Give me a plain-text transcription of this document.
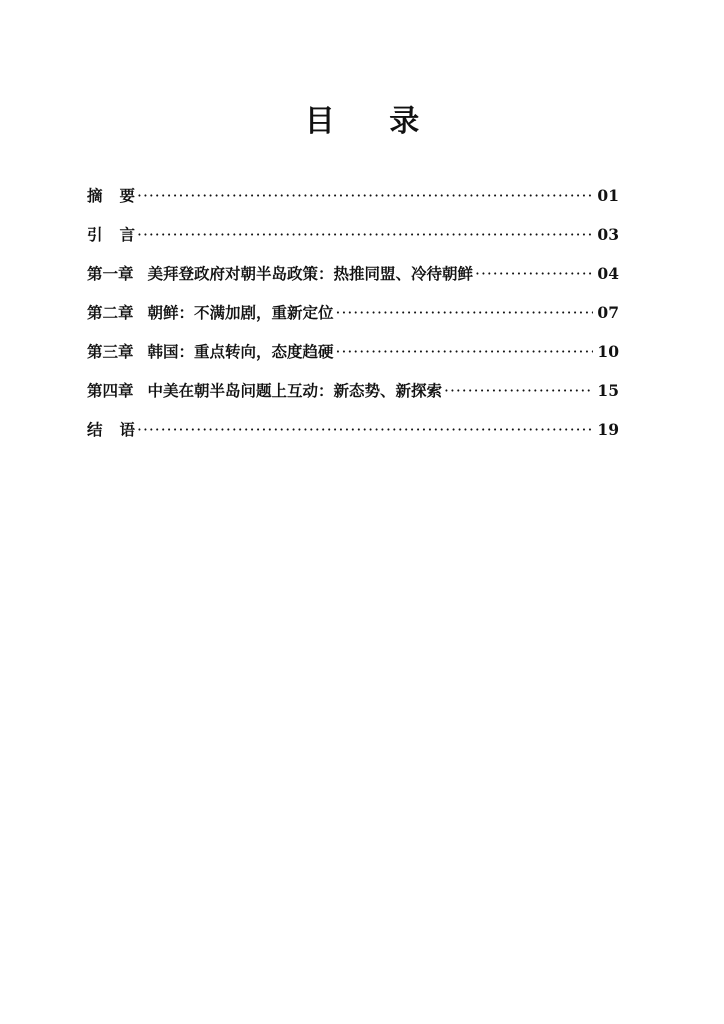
目 录
摘要 ·····	01
引言 ·····	03
第一章 美拜登政府对朝半岛政策：热推同盟、冷待朝鲜 ·····	04
第二章 朝鲜：不满加剧，重新定位 ·····	07
第三章 韩国：重点转向，态度趋硬 ·····	10
第四章 中美在朝半岛问题上互动：新态势、新探索 ·····	15
结语 ·····	19
